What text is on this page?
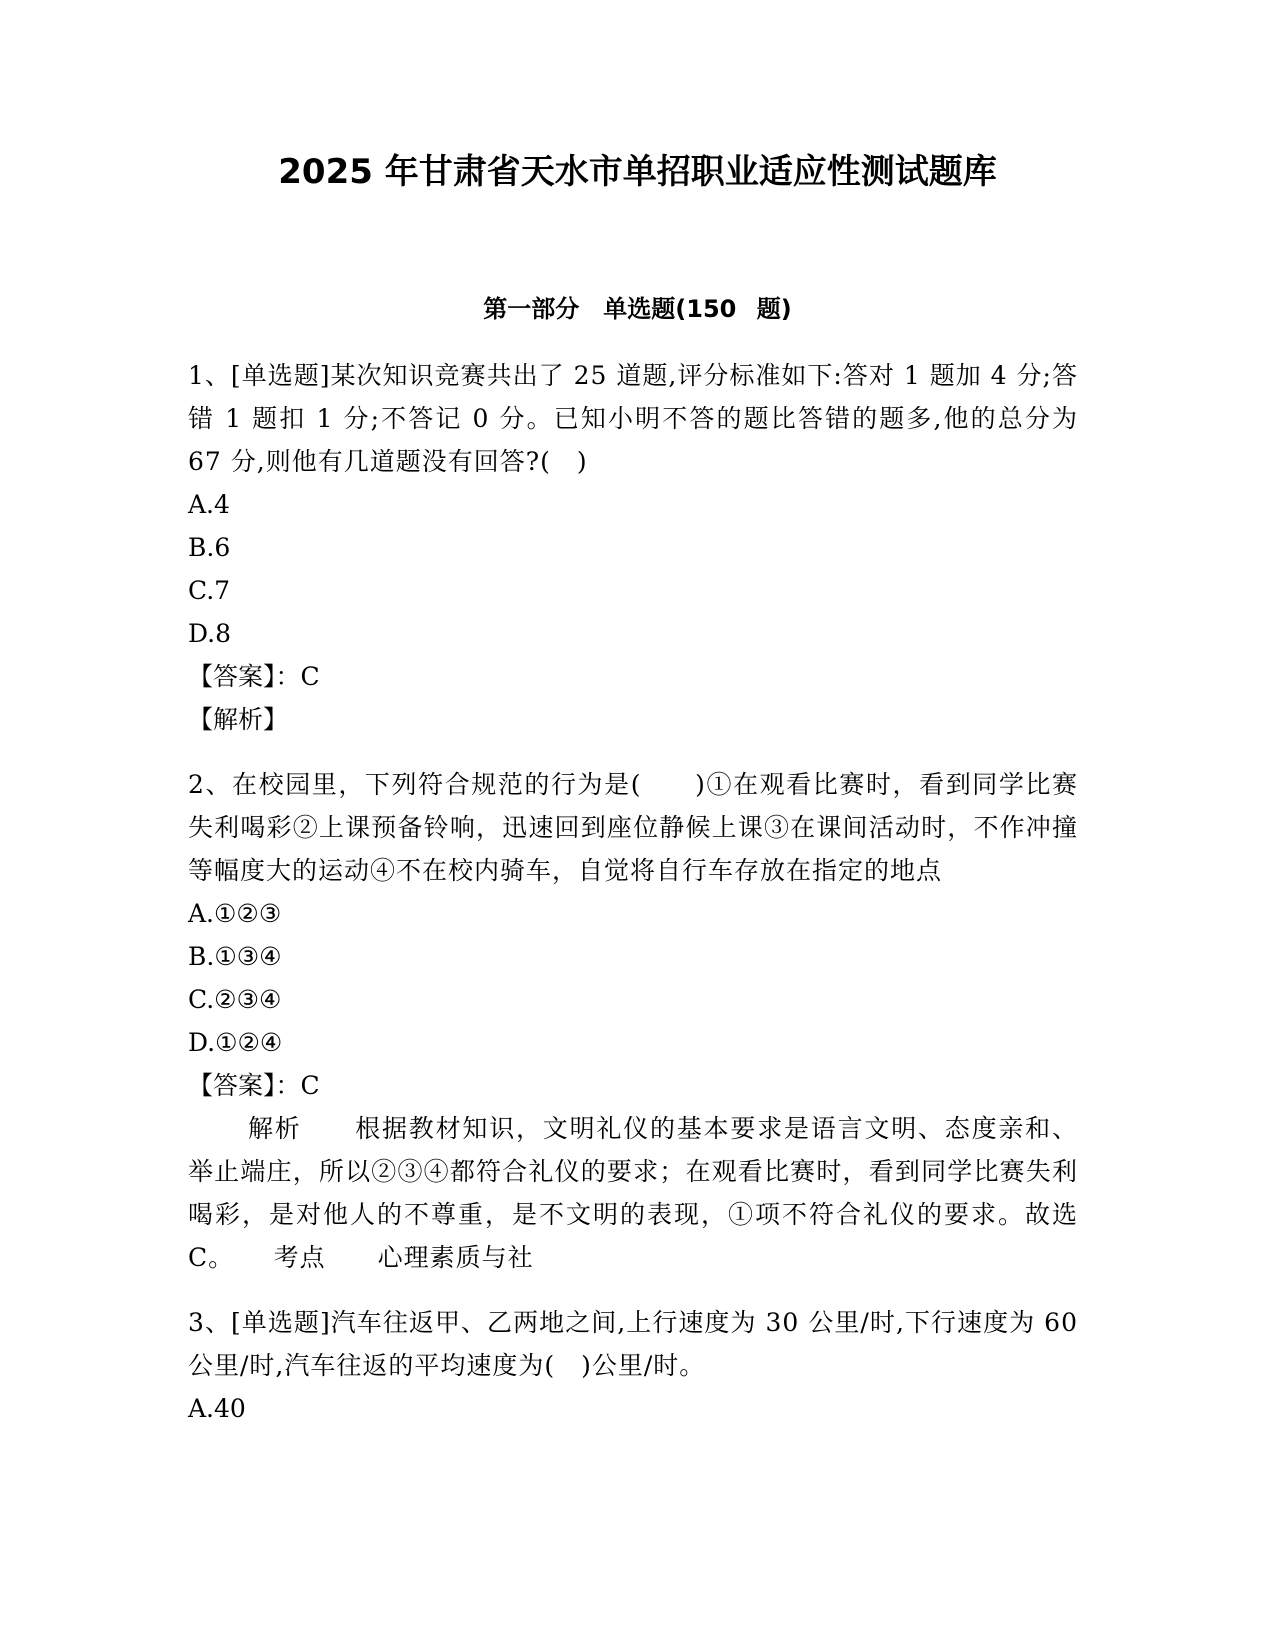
2025 年甘肃省天水市单招职业适应性测试题库
第一部分　单选题(150 题)

1、[单选题]某次知识竞赛共出了 25 道题,评分标准如下:答对 1 题加 4 分;答错 1 题扣 1 分;不答记 0 分。已知小明不答的题比答错的题多,他的总分为 67 分,则他有几道题没有回答?(　)

A.4

B.6

C.7

D.8

【答案】：C

【解析】

2、在校园里，下列符合规范的行为是(　　)①在观看比赛时，看到同学比赛失利喝彩②上课预备铃响，迅速回到座位静候上课③在课间活动时，不作冲撞等幅度大的运动④不在校内骑车，自觉将自行车存放在指定的地点

A.①②③

B.①③④

C.②③④

D.①②④

【答案】：C

解析　　根据教材知识，文明礼仪的基本要求是语言文明、态度亲和、举止端庄，所以②③④都符合礼仪的要求；在观看比赛时，看到同学比赛失利喝彩，是对他人的不尊重，是不文明的表现，①项不符合礼仪的要求。故选 C。　　考点　　心理素质与社

3、[单选题]汽车往返甲、乙两地之间,上行速度为 30 公里/时,下行速度为 60 公里/时,汽车往返的平均速度为(　)公里/时。

A.40
